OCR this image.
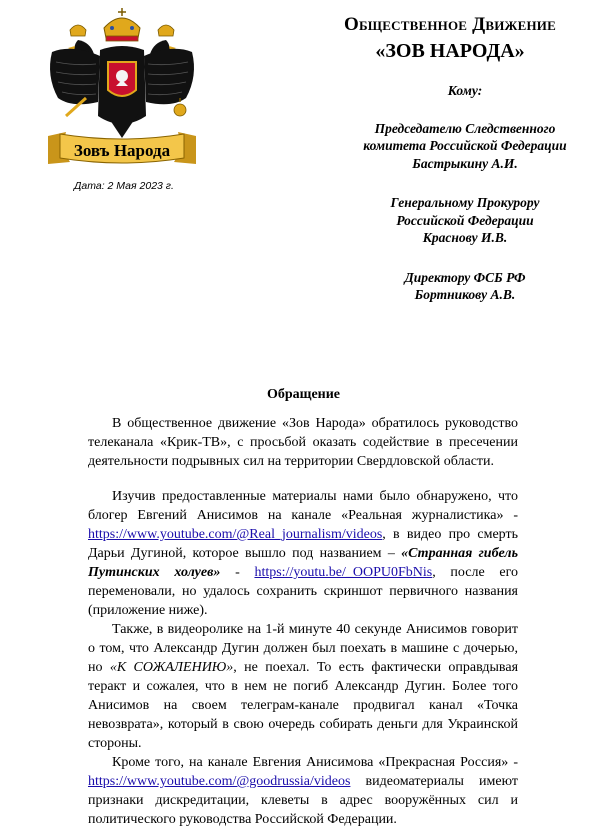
Зовъ Народа
Дата: 2 Мая 2023 г.
Общественное Движение
«ЗОВ НАРОДА»
Кому:
Председателю Следственного
комитета Российской Федерации
Бастрыкину А.И.
Генеральному Прокурору
Российской Федерации
Краснову И.В.
Директору ФСБ РФ
Бортникову А.В.
Обращение

В общественное движение «Зов Народа» обратилось руководство телеканала «Крик-ТВ», с просьбой оказать содействие в пресечении деятельности подрывных сил на территории Свердловской области.

Изучив предоставленные материалы нами было обнаружено, что блогер Евгений Анисимов на канале «Реальная журналистика» - https://www.youtube.com/@Real_journalism/videos, в видео про смерть Дарьи Дугиной, которое вышло под названием – «Странная гибель Путинских холуев» - https://youtu.be/_OOPU0FbNis, после его переменовали, но удалось сохранить скриншот первичного названия (приложение ниже).

Также, в видеоролике на 1-й минуте 40 секунде Анисимов говорит о том, что Александр Дугин должен был поехать в машине с дочерью, но «К СОЖАЛЕНИЮ», не поехал. То есть фактически оправдывая теракт и сожалея, что в нем не погиб Александр Дугин. Более того Анисимов на своем телеграм-канале продвигал канал «Точка невозврата», который в свою очередь собирать деньги для Украинской стороны.

Кроме того, на канале Евгения Анисимова «Прекрасная Россия» - https://www.youtube.com/@goodrussia/videos видеоматериалы имеют признаки дискредитации, клеветы в адрес вооружённых сил и политического руководства Российской Федерации.
